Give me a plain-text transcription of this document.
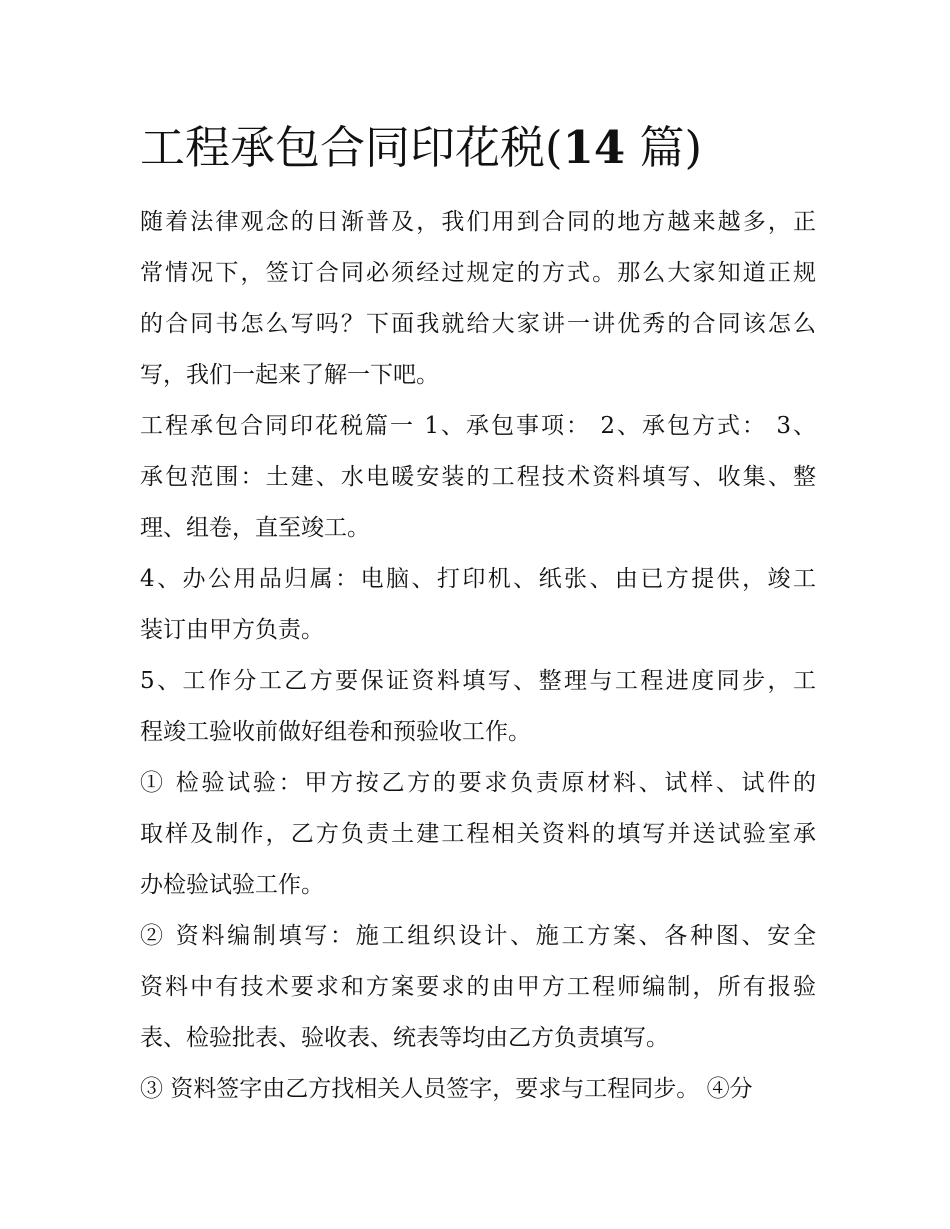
工程承包合同印花税(14 篇)
随着法律观念的日渐普及，我们用到合同的地方越来越多，正
常情况下，签订合同必须经过规定的方式。那么大家知道正规
的合同书怎么写吗？下面我就给大家讲一讲优秀的合同该怎么
写，我们一起来了解一下吧。
工程承包合同印花税篇一 1、承包事项： 2、承包方式： 3、
承包范围：土建、水电暖安装的工程技术资料填写、收集、整
理、组卷，直至竣工。
4、办公用品归属：电脑、打印机、纸张、由已方提供，竣工
装订由甲方负责。
5、工作分工乙方要保证资料填写、整理与工程进度同步，工
程竣工验收前做好组卷和预验收工作。
① 检验试验：甲方按乙方的要求负责原材料、试样、试件的
取样及制作，乙方负责土建工程相关资料的填写并送试验室承
办检验试验工作。
② 资料编制填写：施工组织设计、施工方案、各种图、安全
资料中有技术要求和方案要求的由甲方工程师编制，所有报验
表、检验批表、验收表、统表等均由乙方负责填写。
③ 资料签字由乙方找相关人员签字，要求与工程同步。 ④分
